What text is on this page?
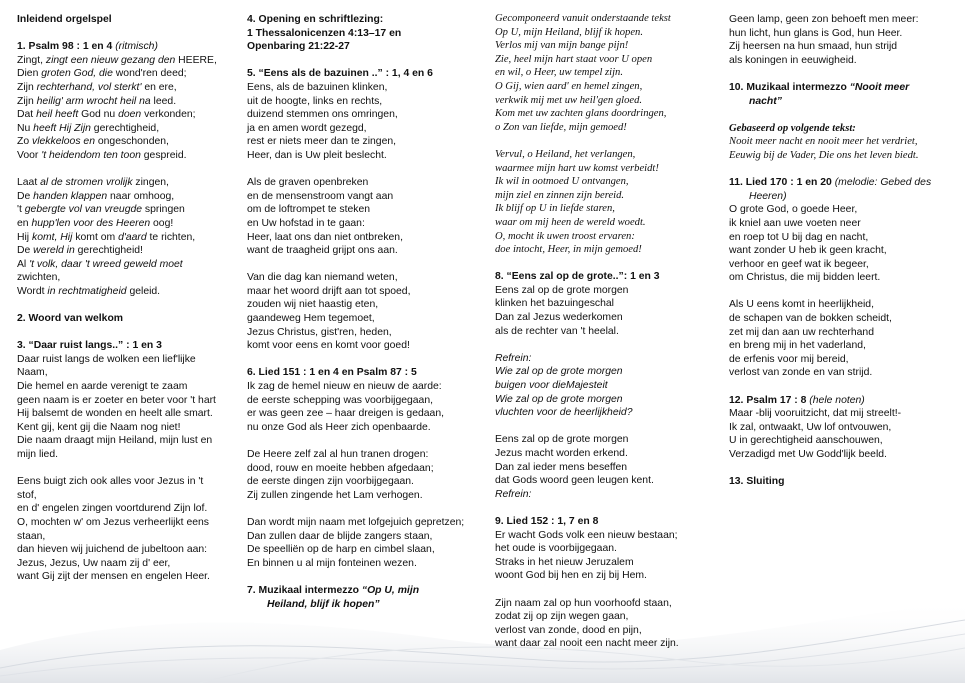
Inleidend orgelspel
1. Psalm 98 : 1 en 4 (ritmisch)
Zingt, zingt een nieuw gezang den HEERE,
Dien groten God, die wond'ren deed;
Zijn rechterhand, vol sterkt' en ere,
Zijn heilig' arm wrocht heil na leed.
Dat heil heeft God nu doen verkonden;
Nu heeft Hij Zijn gerechtigheid,
Zo vlekkeloos en ongeschonden,
Voor 't heidendom ten toon gespreid.
Laat al de stromen vrolijk zingen,
De handen klappen naar omhoog,
't gebergte vol van vreugde springen
en hupp'len voor des Heeren oog!
Hij komt, Hij komt om d'aard te richten,
De wereld in gerechtigheid!
Al 't volk, daar 't wreed geweld moet
zwichten,
Wordt in rechtmatigheid geleid.
2. Woord van welkom
3. “Daar ruist langs..” : 1 en 3
Daar ruist langs de wolken een lief'lijke
Naam,
Die hemel en aarde verenigt te zaam
geen naam is er zoeter en beter voor 't hart
Hij balsemt de wonden en heelt alle smart.
Kent gij, kent gij die Naam nog niet!
Die naam draagt mijn Heiland, mijn lust en
mijn lied.
Eens buigt zich ook alles voor Jezus in 't
stof,
en d' engelen zingen voortdurend Zijn lof.
O, mochten w' om Jezus verheerlijkt eens
staan,
dan hieven wij juichend de jubeltoon aan:
Jezus, Jezus, Uw naam zij d' eer,
want Gij zijt der mensen en engelen Heer.
4. Opening en schriftlezing:
1 Thessalonicenzen 4:13–17 en
Openbaring 21:22-27
5. “Eens als de bazuinen ..” : 1, 4 en 6
Eens, als de bazuinen klinken,
uit de hoogte, links en rechts,
duizend stemmen ons omringen,
ja en amen wordt gezegd,
rest er niets meer dan te zingen,
Heer, dan is Uw pleit beslecht.
Als de graven openbreken
en de mensenstroom vangt aan
om de loftrompet te steken
en Uw hofstad in te gaan:
Heer, laat ons dan niet ontbreken,
want de traagheid grijpt ons aan.
Van die dag kan niemand weten,
maar het woord drijft aan tot spoed,
zouden wij niet haastig eten,
gaandeweg Hem tegemoet,
Jezus Christus, gist'ren, heden,
komt voor eens en komt voor goed!
6. Lied 151 : 1 en 4 en Psalm 87 : 5
Ik zag de hemel nieuw en nieuw de aarde:
de eerste schepping was voorbijgegaan,
er was geen zee – haar dreigen is gedaan,
nu onze God als Heer zich openbaarde.
De Heere zelf zal al hun tranen drogen:
dood, rouw en moeite hebben afgedaan;
de eerste dingen zijn voorbijgegaan.
Zij zullen zingende het Lam verhogen.
Dan wordt mijn naam met lofgejuich gepretzen;
Dan zullen daar de blijde zangers staan,
De speelliën op de harp en cimbel slaan,
En binnen u al mijn fonteinen wezen.
7. Muzikaal intermezzo “Op U, mijn
Heiland, blijf ik hopen”
Gecomponeerd vanuit onderstaande tekst
Op U, mijn Heiland, blijf ik hopen.
Verlos mij van mijn bange pijn!
Zie, heel mijn hart staat voor U open
en wil, o Heer, uw tempel zijn.
O Gij, wien aard' en hemel zingen,
verkwik mij met uw heil'gen gloed.
Kom met uw zachten glans doordringen,
o Zon van liefde, mijn gemoed!
Vervul, o Heiland, het verlangen,
waarmee mijn hart uw komst verbeidt!
Ik wil in ootmoed U ontvangen,
mijn ziel en zinnen zijn bereid.
Ik blijf op U in liefde staren,
waar om mij heen de wereld woedt.
O, mocht ik uwen troost ervaren:
doe intocht, Heer, in mijn gemoed!
8. “Eens zal op de grote..”: 1 en 3
Eens zal op de grote morgen
klinken het bazuingeschal
Dan zal Jezus wederkomen
als de rechter van 't heelal.
Refrein:
Wie zal op de grote morgen
buigen voor dieMajesteit
Wie zal op de grote morgen
vluchten voor de heerlijkheid?
Eens zal op de grote morgen
Jezus macht worden erkend.
Dan zal ieder mens beseffen
dat Gods woord geen leugen kent.
Refrein:
9. Lied 152 : 1, 7 en 8
Er wacht Gods volk een nieuw bestaan;
het oude is voorbijgegaan.
Straks in het nieuw Jeruzalem
woont God bij hen en zij bij Hem.
Zijn naam zal op hun voorhoofd staan,
zodat zij op zijn wegen gaan,
verlost van zonde, dood en pijn,
want daar zal nooit een nacht meer zijn.
Geen lamp, geen zon behoeft men meer:
hun licht, hun glans is God, hun Heer.
Zij heersen na hun smaad, hun strijd
als koningen in eeuwigheid.
10. Muzikaal intermezzo “Nooit meer
nacht”
Gebaseerd op volgende tekst:
Nooit meer nacht en nooit meer het verdriet,
Eeuwig bij de Vader, Die ons het leven biedt.
11. Lied 170 : 1 en 20 (melodie: Gebed des
Heeren)
O grote God, o goede Heer,
ik kniel aan uwe voeten neer
en roep tot U bij dag en nacht,
want zonder U heb ik geen kracht,
verhoor en geef wat ik begeer,
om Christus, die mij bidden leert.
Als U eens komt in heerlijkheid,
de schapen van de bokken scheidt,
zet mij dan aan uw rechterhand
en breng mij in het vaderland,
de erfenis voor mij bereid,
verlost van zonde en van strijd.
12. Psalm 17 : 8 (hele noten)
Maar -blij vooruitzicht, dat mij streelt!-
Ik zal, ontwaakt, Uw lof ontvouwen,
U in gerechtigheid aanschouwen,
Verzadigd met Uw Godd'lijk beeld.
13. Sluiting
